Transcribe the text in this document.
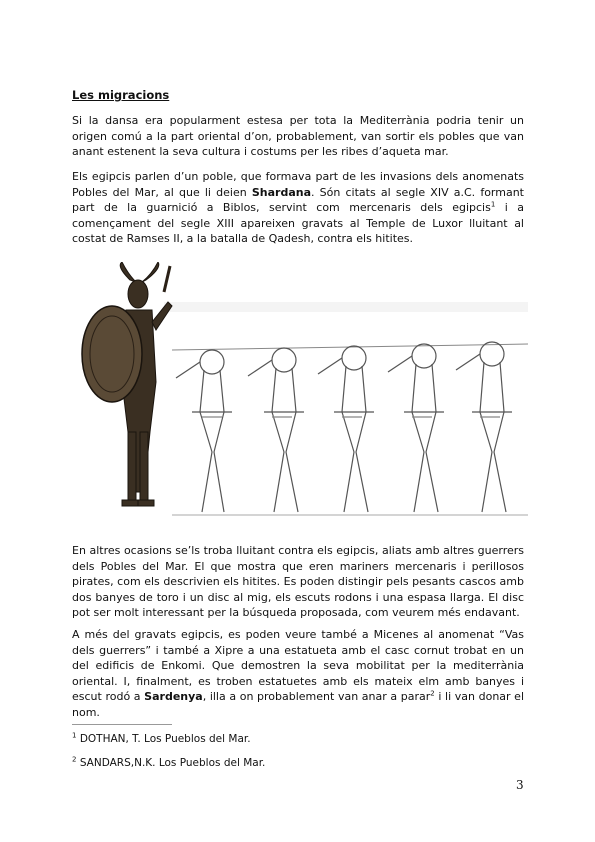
Les migracions

Si la dansa era popularment estesa per tota la Mediterrània podria tenir un origen comú a la part oriental d’on, probablement, van sortir els pobles que van anant estenent la seva cultura i costums per les ribes d’aqueta mar.

Els egipcis parlen d’un poble, que formava part de les invasions dels anomenats Pobles del Mar, al que li deien Shardana. Són citats al segle XIV a.C. formant part de la guarnició a Biblos, servint com mercenaris dels egipcis$^1$ i a començament del segle XIII apareixen gravats al Temple de Luxor lluitant al costat de Ramses II, a la batalla de Qadesh, contra els hitites.

En altres ocasions se’ls troba lluitant contra els egipcis, aliats amb altres guerrers dels Pobles del Mar. El que mostra que eren mariners mercenaris i perillosos pirates, com els descrivien els hitites. Es poden distingir pels pesants cascos amb dos banyes de toro i un disc al mig, els escuts rodons i una espasa llarga. El disc pot ser molt interessant per la búsqueda proposada, com veurem més endavant.

A més del gravats egipcis, es poden veure també a Micenes al anomenat “Vas dels guerrers” i també a Xipre a una estatueta amb el casc cornut trobat en un del edificis de Enkomi. Que demostren la seva mobilitat per la mediterrània oriental. I, finalment, es troben estatuetes amb els mateix elm amb banyes i escut rodó a Sardenya, illa a on probablement van anar a parar$^2$ i li van donar el nom.

$^1$ DOTHAN, T. Los Pueblos del Mar.
$^2$ SANDARS,N.K. Los Pueblos del Mar.
3
